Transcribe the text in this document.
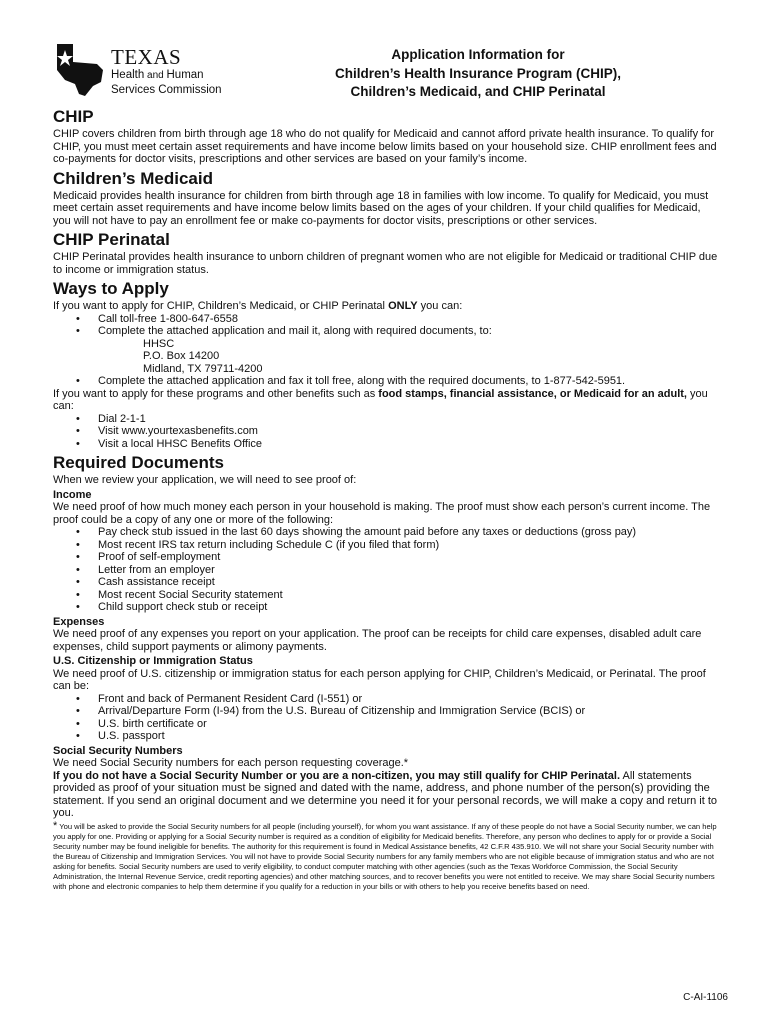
TEXAS
Health and Human
Services Commission
Application Information for
Children’s Health Insurance Program (CHIP),
Children’s Medicaid, and CHIP Perinatal
CHIP

CHIP covers children from birth through age 18 who do not qualify for Medicaid and cannot afford private health insurance. To qualify for CHIP, you must meet certain asset requirements and have income below limits based on your household size. CHIP enrollment fees and co-payments for doctor visits, prescriptions and other services are based on your family’s income.

Children’s Medicaid

Medicaid provides health insurance for children from birth through age 18 in families with low income. To qualify for Medicaid, you must meet certain asset requirements and have income below limits based on the ages of your children. If your child qualifies for Medicaid, you will not have to pay an enrollment fee or make co-payments for doctor visits, prescriptions or other services.

CHIP Perinatal

CHIP Perinatal provides health insurance to unborn children of pregnant women who are not eligible for Medicaid or traditional CHIP due to income or immigration status.

Ways to Apply

If you want to apply for CHIP, Children’s Medicaid, or CHIP Perinatal ONLY you can:

• Call toll-free 1-800-647-6558
• Complete the attached application and mail it, along with required documents, to:
HHSC
P.O. Box 14200
Midland, TX 79711-4200
• Complete the attached application and fax it toll free, along with the required documents, to 1-877-542-5951.

If you want to apply for these programs and other benefits such as food stamps, financial assistance, or Medicaid for an adult, you can:

• Dial 2-1-1
• Visit www.yourtexasbenefits.com
• Visit a local HHSC Benefits Office
Required Documents

When we review your application, we will need to see proof of:

Income

We need proof of how much money each person in your household is making. The proof must show each person’s current income. The proof could be a copy of any one or more of the following:

• Pay check stub issued in the last 60 days showing the amount paid before any taxes or deductions (gross pay)
• Most recent IRS tax return including Schedule C (if you filed that form)
• Proof of self-employment
• Letter from an employer
• Cash assistance receipt
• Most recent Social Security statement
• Child support check stub or receipt
Expenses

We need proof of any expenses you report on your application. The proof can be receipts for child care expenses, disabled adult care expenses, child support payments or alimony payments.

U.S. Citizenship or Immigration Status

We need proof of U.S. citizenship or immigration status for each person applying for CHIP, Children’s Medicaid, or Perinatal. The proof can be:

• Front and back of Permanent Resident Card (I-551) or
• Arrival/Departure Form (I-94) from the U.S. Bureau of Citizenship and Immigration Service (BCIS) or
• U.S. birth certificate or
• U.S. passport
Social Security Numbers

We need Social Security numbers for each person requesting coverage.*

If you do not have a Social Security Number or you are a non-citizen, you may still qualify for CHIP Perinatal. All statements provided as proof of your situation must be signed and dated with the name, address, and phone number of the person(s) providing the statement. If you send an original document and we determine you need it for your personal records, we will make a copy and return it to you.

* You will be asked to provide the Social Security numbers for all people (including yourself), for whom you want assistance. If any of these people do not have a Social Security number, we can help you apply for one. Providing or applying for a Social Security number is required as a condition of eligibility for Medicaid benefits. Therefore, any person who declines to apply for or provide a Social Security number may be found ineligible for benefits. The authority for this requirement is found in Medical Assistance benefits, 42 C.F.R 435.910. We will not share your Social Security number with the Bureau of Citizenship and Immigration Services. You will not have to provide Social Security numbers for any family members who are not eligible because of immigration status and who are not asking for benefits. Social Security numbers are used to verify eligibility, to conduct computer matching with other agencies (such as the Texas Workforce Commission, the Social Security Administration, the Internal Revenue Service, credit reporting agencies) and other matching sources, and to recover benefits you were not entitled to receive. We may share Social Security numbers with phone and electronic companies to help them determine if you qualify for a reduction in your bills or with others to help you receive benefits based on need.

C-AI-1106
